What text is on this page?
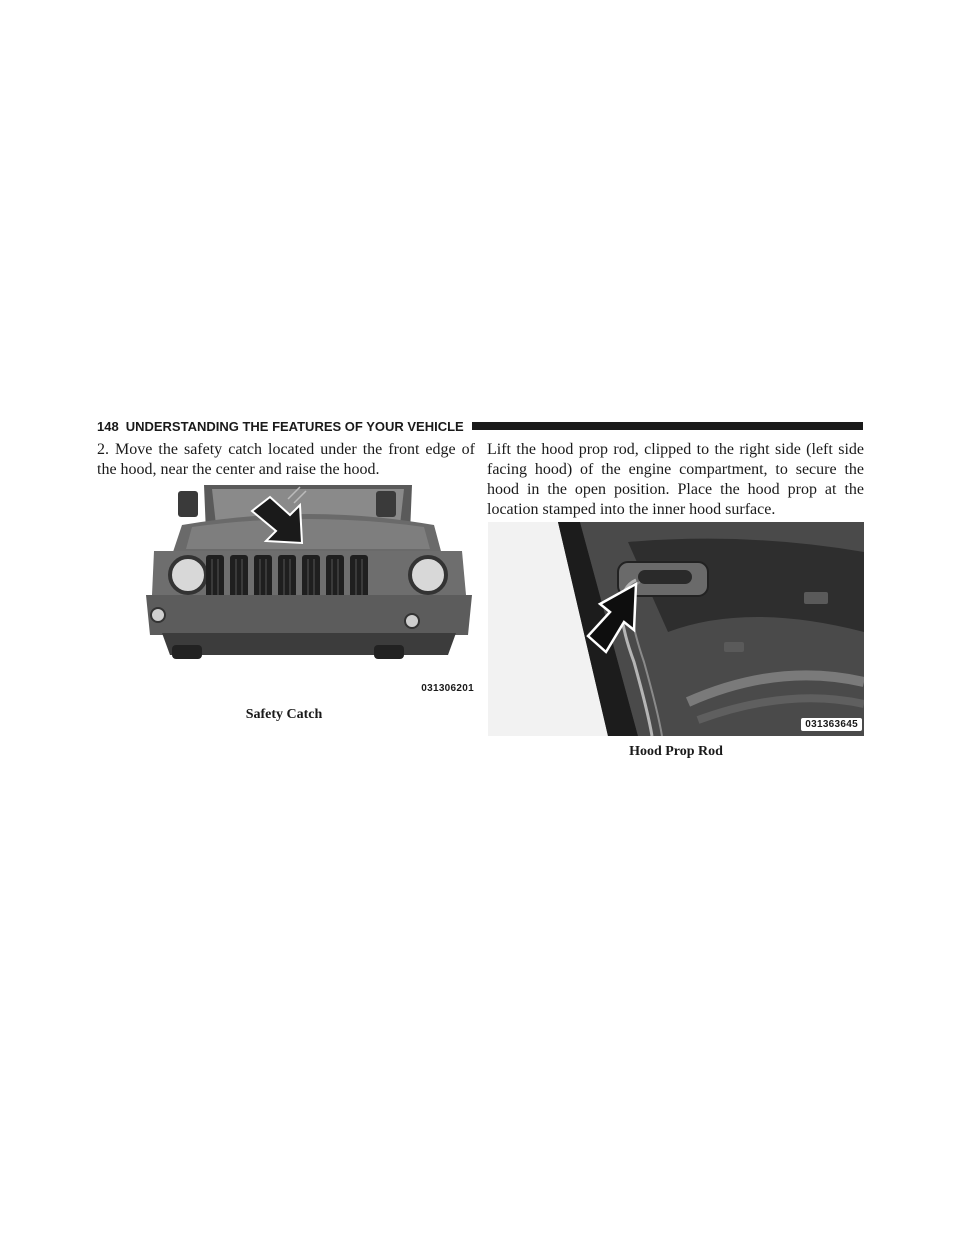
148 UNDERSTANDING THE FEATURES OF YOUR VEHICLE

2. Move the safety catch located under the front edge of the hood, near the center and raise the hood.

Lift the hood prop rod, clipped to the right side (left side facing hood) of the engine compartment, to secure the hood in the open position. Place the hood prop at the location stamped into the inner hood surface.

031306201
Safety Catch
031363645
Hood Prop Rod
